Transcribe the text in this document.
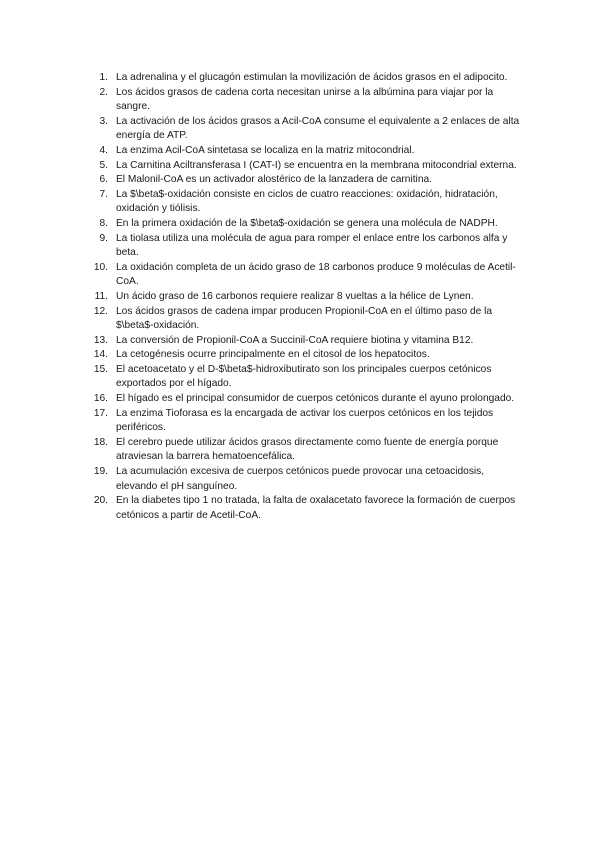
1. La adrenalina y el glucagón estimulan la movilización de ácidos grasos en el adipocito.
2. Los ácidos grasos de cadena corta necesitan unirse a la albúmina para viajar por la sangre.
3. La activación de los ácidos grasos a Acil-CoA consume el equivalente a 2 enlaces de alta energía de ATP.
4. La enzima Acil-CoA sintetasa se localiza en la matriz mitocondrial.
5. La Carnitina Aciltransferasa I (CAT-I) se encuentra en la membrana mitocondrial externa.
6. El Malonil-CoA es un activador alostérico de la lanzadera de carnitina.
7. La $\beta$-oxidación consiste en ciclos de cuatro reacciones: oxidación, hidratación, oxidación y tiólisis.
8. En la primera oxidación de la $\beta$-oxidación se genera una molécula de NADPH.
9. La tiolasa utiliza una molécula de agua para romper el enlace entre los carbonos alfa y beta.
10. La oxidación completa de un ácido graso de 18 carbonos produce 9 moléculas de Acetil-CoA.
11. Un ácido graso de 16 carbonos requiere realizar 8 vueltas a la hélice de Lynen.
12. Los ácidos grasos de cadena impar producen Propionil-CoA en el último paso de la $\beta$-oxidación.
13. La conversión de Propionil-CoA a Succinil-CoA requiere biotina y vitamina B12.
14. La cetogénesis ocurre principalmente en el citosol de los hepatocitos.
15. El acetoacetato y el D-$\beta$-hidroxibutirato son los principales cuerpos cetónicos exportados por el hígado.
16. El hígado es el principal consumidor de cuerpos cetónicos durante el ayuno prolongado.
17. La enzima Tioforasa es la encargada de activar los cuerpos cetónicos en los tejidos periféricos.
18. El cerebro puede utilizar ácidos grasos directamente como fuente de energía porque atraviesan la barrera hematoencefálica.
19. La acumulación excesiva de cuerpos cetónicos puede provocar una cetoacidosis, elevando el pH sanguíneo.
20. En la diabetes tipo 1 no tratada, la falta de oxalacetato favorece la formación de cuerpos cetónicos a partir de Acetil-CoA.
